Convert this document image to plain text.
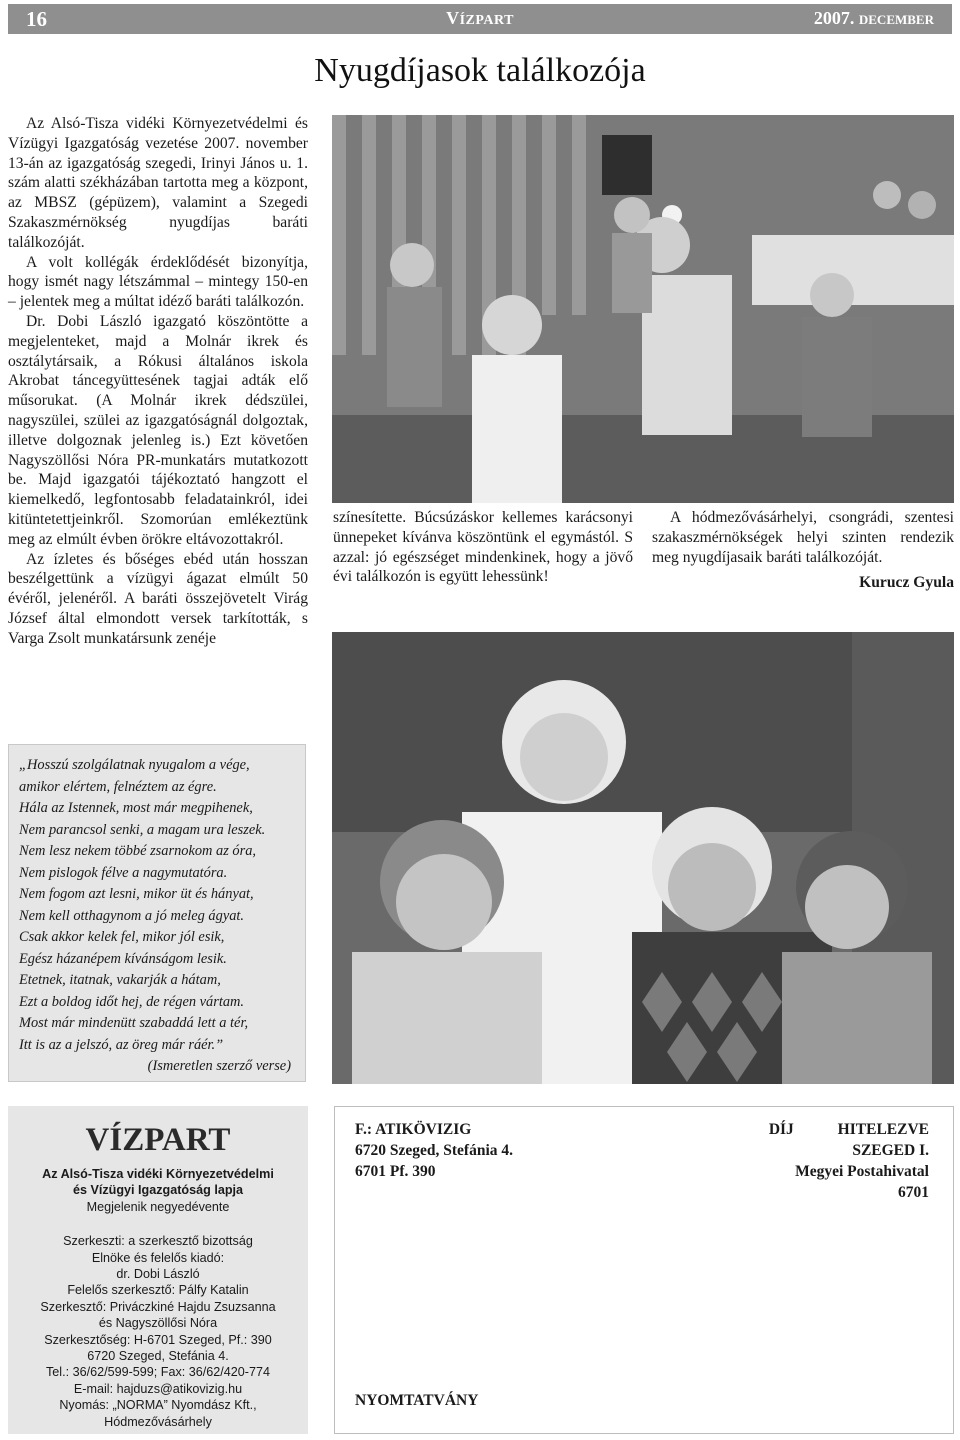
16	VÍZPART	2007. DECEMBER
Nyugdíjasok találkozója

Az Alsó-Tisza vidéki Környezetvédelmi és Vízügyi Igazgatóság vezetése 2007. november 13-án az igazgatóság szegedi, Irinyi János u. 1. szám alatti székházában tartotta meg a központ, az MBSZ (gépüzem), valamint a Szegedi Szakaszmérnökség nyugdíjas baráti találkozóját.

A volt kollégák érdeklődését bizonyítja, hogy ismét nagy létszámmal – mintegy 150-en – jelentek meg a múltat idéző baráti találkozón.

Dr. Dobi László igazgató köszöntötte a megjelenteket, majd a Molnár ikrek és osztálytársaik, a Rókusi általános iskola Akrobat táncegyüttesének tagjai adták elő műsorukat. (A Molnár ikrek dédszülei, nagyszülei, szülei az igazgatóságnál dolgoztak, illetve dolgoznak jelenleg is.) Ezt követően Nagyszöllősi Nóra PR-munkatárs mutatkozott be. Majd igazgatói tájékoztató hangzott el kiemelkedő, legfontosabb feladatainkról, idei kitüntetettjeinkről. Szomorúan emlékeztünk meg az elmúlt évben örökre eltávozottakról.

Az ízletes és bőséges ebéd után hosszan beszélgettünk a vízügyi ágazat elmúlt 50 évéről, jelenéről. A baráti összejövetelt Virág József által elmondott versek tarkították, s Varga Zsolt munkatársunk zenéje

színesítette. Búcsúzáskor kellemes karácsonyi ünnepeket kívánva köszöntünk el egymástól. S azzal: jó egészséget mindenkinek, hogy a jövő évi találkozón is együtt lehessünk!

A hódmezővásárhelyi, csongrádi, szentesi szakaszmérnökségek helyi szinten rendezik meg nyugdíjasaik baráti találkozóját.

Kurucz Gyula
„Hosszú szolgálatnak nyugalom a vége,
amikor elértem, felnéztem az égre.
Hála az Istennek, most már megpihenek,
Nem parancsol senki, a magam ura leszek.
Nem lesz nekem többé zsarnokom az óra,
Nem pislogok félve a nagymutatóra.
Nem fogom azt lesni, mikor üt és hányat,
Nem kell otthagynom a jó meleg ágyat.
Csak akkor kelek fel, mikor jól esik,
Egész házanépem kívánságom lesik.
Etetnek, itatnak, vakarják a hátam,
Ezt a boldog időt hej, de régen vártam.
Most már mindenütt szabaddá lett a tér,
Itt is az a jelszó, az öreg már ráér.”
(Ismeretlen szerző verse)
VÍZPART
Az Alsó-Tisza vidéki Környezetvédelmi
és Vízügyi Igazgatóság lapja
Megjelenik negyedévente
Szerkeszti: a szerkesztő bizottság
Elnöke és felelős kiadó:
dr. Dobi László
Felelős szerkesztő: Pálfy Katalin
Szerkesztő: Priváczkiné Hajdu Zsuzsanna
és Nagyszöllősi Nóra
Szerkesztőség: H-6701 Szeged, Pf.: 390
6720 Szeged, Stefánia 4.
Tel.: 36/62/599-599; Fax: 36/62/420-774
E-mail: hajduzs@atikovizig.hu
Nyomás: „NORMA” Nyomdász Kft.,
Hódmezővásárhely
F.: ATIKÖVIZIG
6720 Szeged, Stefánia 4.
6701 Pf. 390
DÍJ HITELEZVE
SZEGED I.
Megyei Postahivatal
6701
NYOMTATVÁNY
